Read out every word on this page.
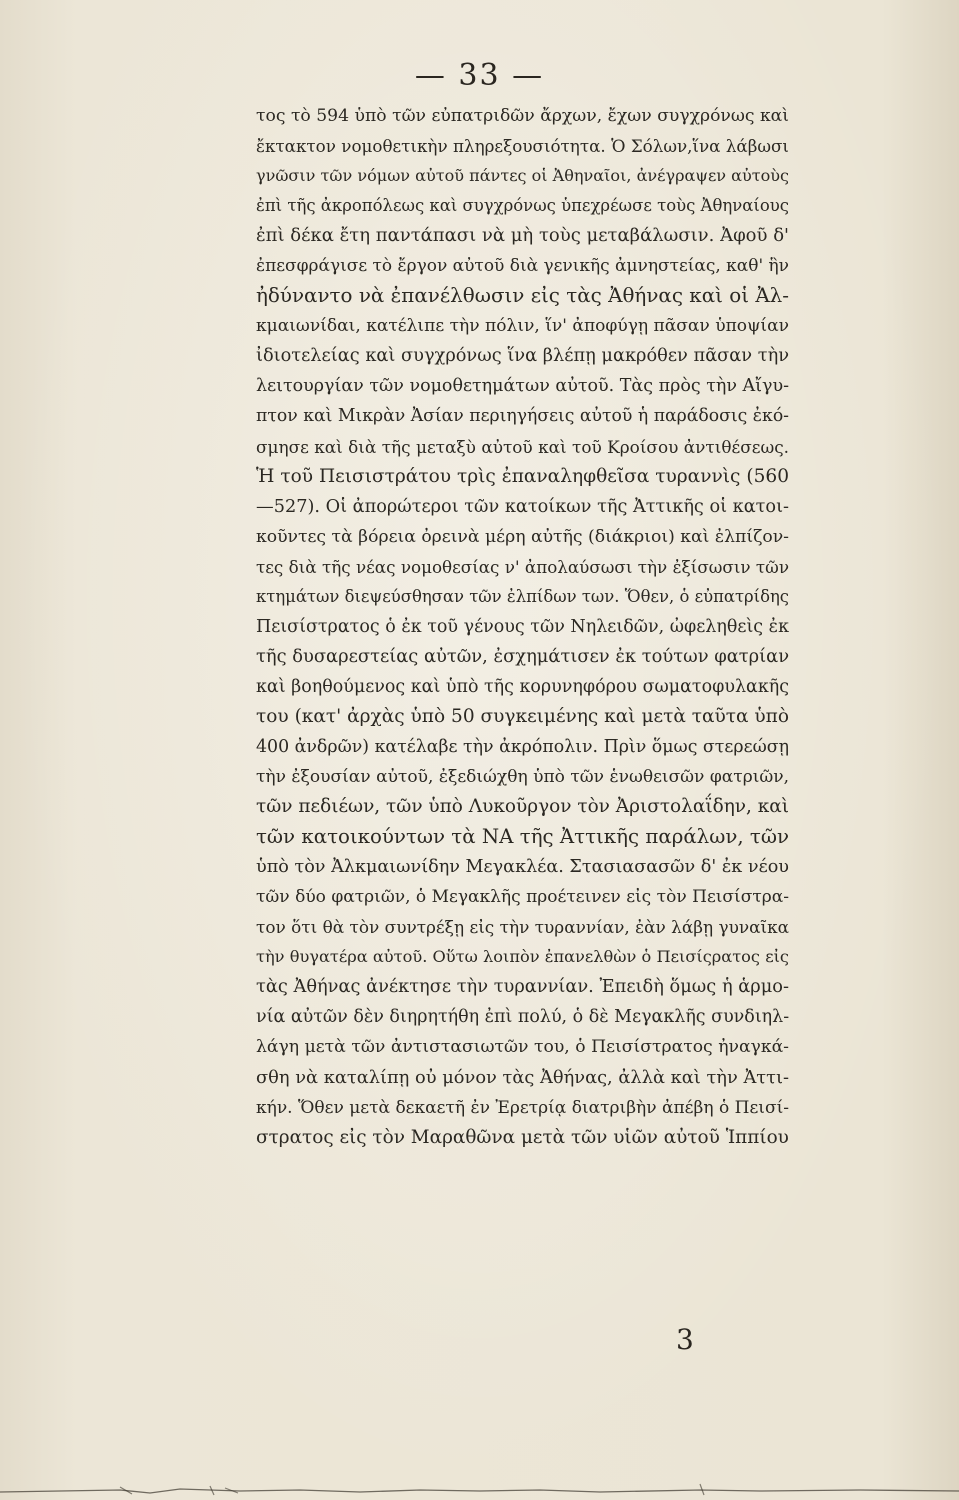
— 33 —
τος τὸ 594 ὑπὸ τῶν εὐπατριδῶν ἄρχων, ἔχων συγχρόνως καὶ
ἔκτακτον νομοθετικὴν πληρεξουσιότητα. Ὁ Σόλων,ἵνα λάβωσι
γνῶσιν τῶν νόμων αὐτοῦ πάντες οἱ Ἀθηναῖοι, ἀνέγραψεν αὐτοὺς
ἐπὶ τῆς ἀκροπόλεως καὶ συγχρόνως ὑπεχρέωσε τοὺς Ἀθηναίους
ἐπὶ δέκα ἔτη παντάπασι νὰ μὴ τοὺς μεταβάλωσιν. Ἀφοῦ δ'
ἐπεσφράγισε τὸ ἔργον αὐτοῦ διὰ γενικῆς ἀμνηστείας, καθ' ἣν
ἠδύναντο νὰ ἐπανέλθωσιν εἰς τὰς Ἀθήνας καὶ οἱ Ἀλ-
κμαιωνίδαι, κατέλιπε τὴν πόλιν, ἵν' ἀποφύγῃ πᾶσαν ὑποψίαν
ἰδιοτελείας καὶ συγχρόνως ἵνα βλέπῃ μακρόθεν πᾶσαν τὴν
λειτουργίαν τῶν νομοθετημάτων αὐτοῦ. Τὰς πρὸς τὴν Αἴγυ-
πτον καὶ Μικρὰν Ἀσίαν περιηγήσεις αὐτοῦ ἡ παράδοσις ἐκό-
σμησε καὶ διὰ τῆς μεταξὺ αὐτοῦ καὶ τοῦ Κροίσου ἀντιθέσεως.
Ἡ τοῦ Πεισιστράτου τρὶς ἐπαναληφθεῖσα τυραννὶς (560
—527). Οἱ ἀπορώτεροι τῶν κατοίκων τῆς Ἀττικῆς οἱ κατοι-
κοῦντες τὰ βόρεια ὀρεινὰ μέρη αὐτῆς (διάκριοι) καὶ ἐλπίζον-
τες διὰ τῆς νέας νομοθεσίας ν' ἀπολαύσωσι τὴν ἐξίσωσιν τῶν
κτημάτων διεψεύσθησαν τῶν ἐλπίδων των. Ὅθεν, ὁ εὐπατρίδης
Πεισίστρατος ὁ ἐκ τοῦ γένους τῶν Νηλειδῶν, ὠφεληθεὶς ἐκ
τῆς δυσαρεστείας αὐτῶν, ἐσχημάτισεν ἐκ τούτων φατρίαν
καὶ βοηθούμενος καὶ ὑπὸ τῆς κορυνηφόρου σωματοφυλακῆς
του (κατ' ἀρχὰς ὑπὸ 50 συγκειμένης καὶ μετὰ ταῦτα ὑπὸ
400 ἀνδρῶν) κατέλαβε τὴν ἀκρόπολιν. Πρὶν ὅμως στερεώσῃ
τὴν ἐξουσίαν αὐτοῦ, ἐξεδιώχθη ὑπὸ τῶν ἑνωθεισῶν φατριῶν,
τῶν πεδιέων, τῶν ὑπὸ Λυκοῦργον τὸν Ἀριστολαΐδην, καὶ
τῶν κατοικούντων τὰ ΝΑ τῆς Ἀττικῆς παράλων, τῶν
ὑπὸ τὸν Ἀλκμαιωνίδην Μεγακλέα. Στασιασασῶν δ' ἐκ νέου
τῶν δύο φατριῶν, ὁ Μεγακλῆς προέτεινεν εἰς τὸν Πεισίστρα-
τον ὅτι θὰ τὸν συντρέξῃ εἰς τὴν τυραννίαν, ἐὰν λάβῃ γυναῖκα
τὴν θυγατέρα αὐτοῦ. Οὕτω λοιπὸν ἐπανελθὼν ὁ Πεισίςρατος εἰς
τὰς Ἀθήνας ἀνέκτησε τὴν τυραννίαν. Ἐπειδὴ ὅμως ἡ ἁρμο-
νία αὐτῶν δὲν διηρητήθη ἐπὶ πολύ, ὁ δὲ Μεγακλῆς συνδιηλ-
λάγη μετὰ τῶν ἀντιστασιωτῶν του, ὁ Πεισίστρατος ἠναγκά-
σθη νὰ καταλίπῃ οὐ μόνον τὰς Ἀθήνας, ἀλλὰ καὶ τὴν Ἀττι-
κήν. Ὅθεν μετὰ δεκαετῆ ἐν Ἐρετρίᾳ διατριβὴν ἀπέβη ὁ Πεισί-
στρατος εἰς τὸν Μαραθῶνα μετὰ τῶν υἱῶν αὐτοῦ Ἱππίου
3
